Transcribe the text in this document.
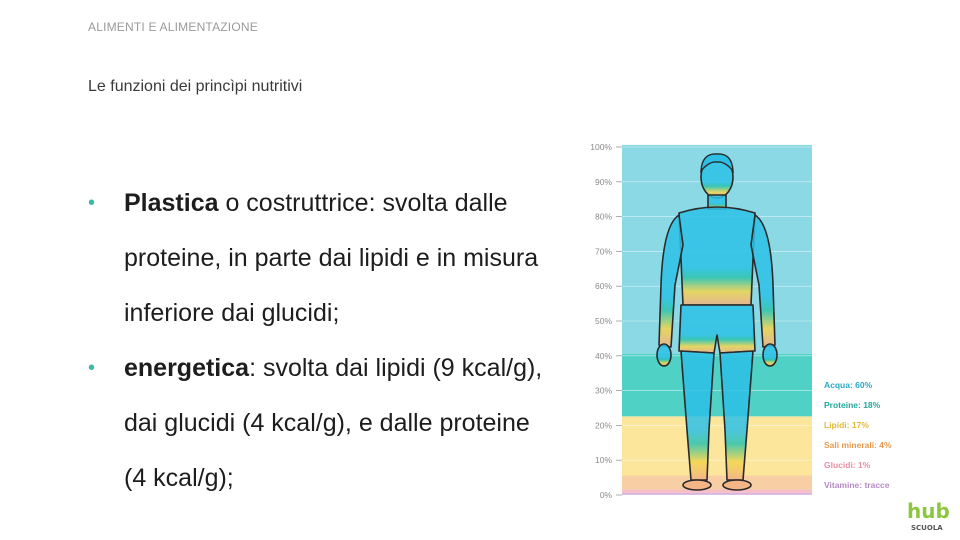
ALIMENTI E ALIMENTAZIONE
Le funzioni dei princìpi nutritivi
• Plastica o costruttrice: svolta dalle proteine, in parte dai lipidi e in misura inferiore dai glucidi;
• energetica: svolta dai lipidi (9 kcal/g), dai glucidi (4 kcal/g), e dalle proteine (4 kcal/g);
0%
10%
20%
30%
40%
50%
60%
70%
80%
90%
100%
Acqua: 60%
Proteine: 18%
Lipidi: 17%
Sali minerali: 4%
Glucidi: 1%
Vitamine: tracce
hub
SCUOLA
